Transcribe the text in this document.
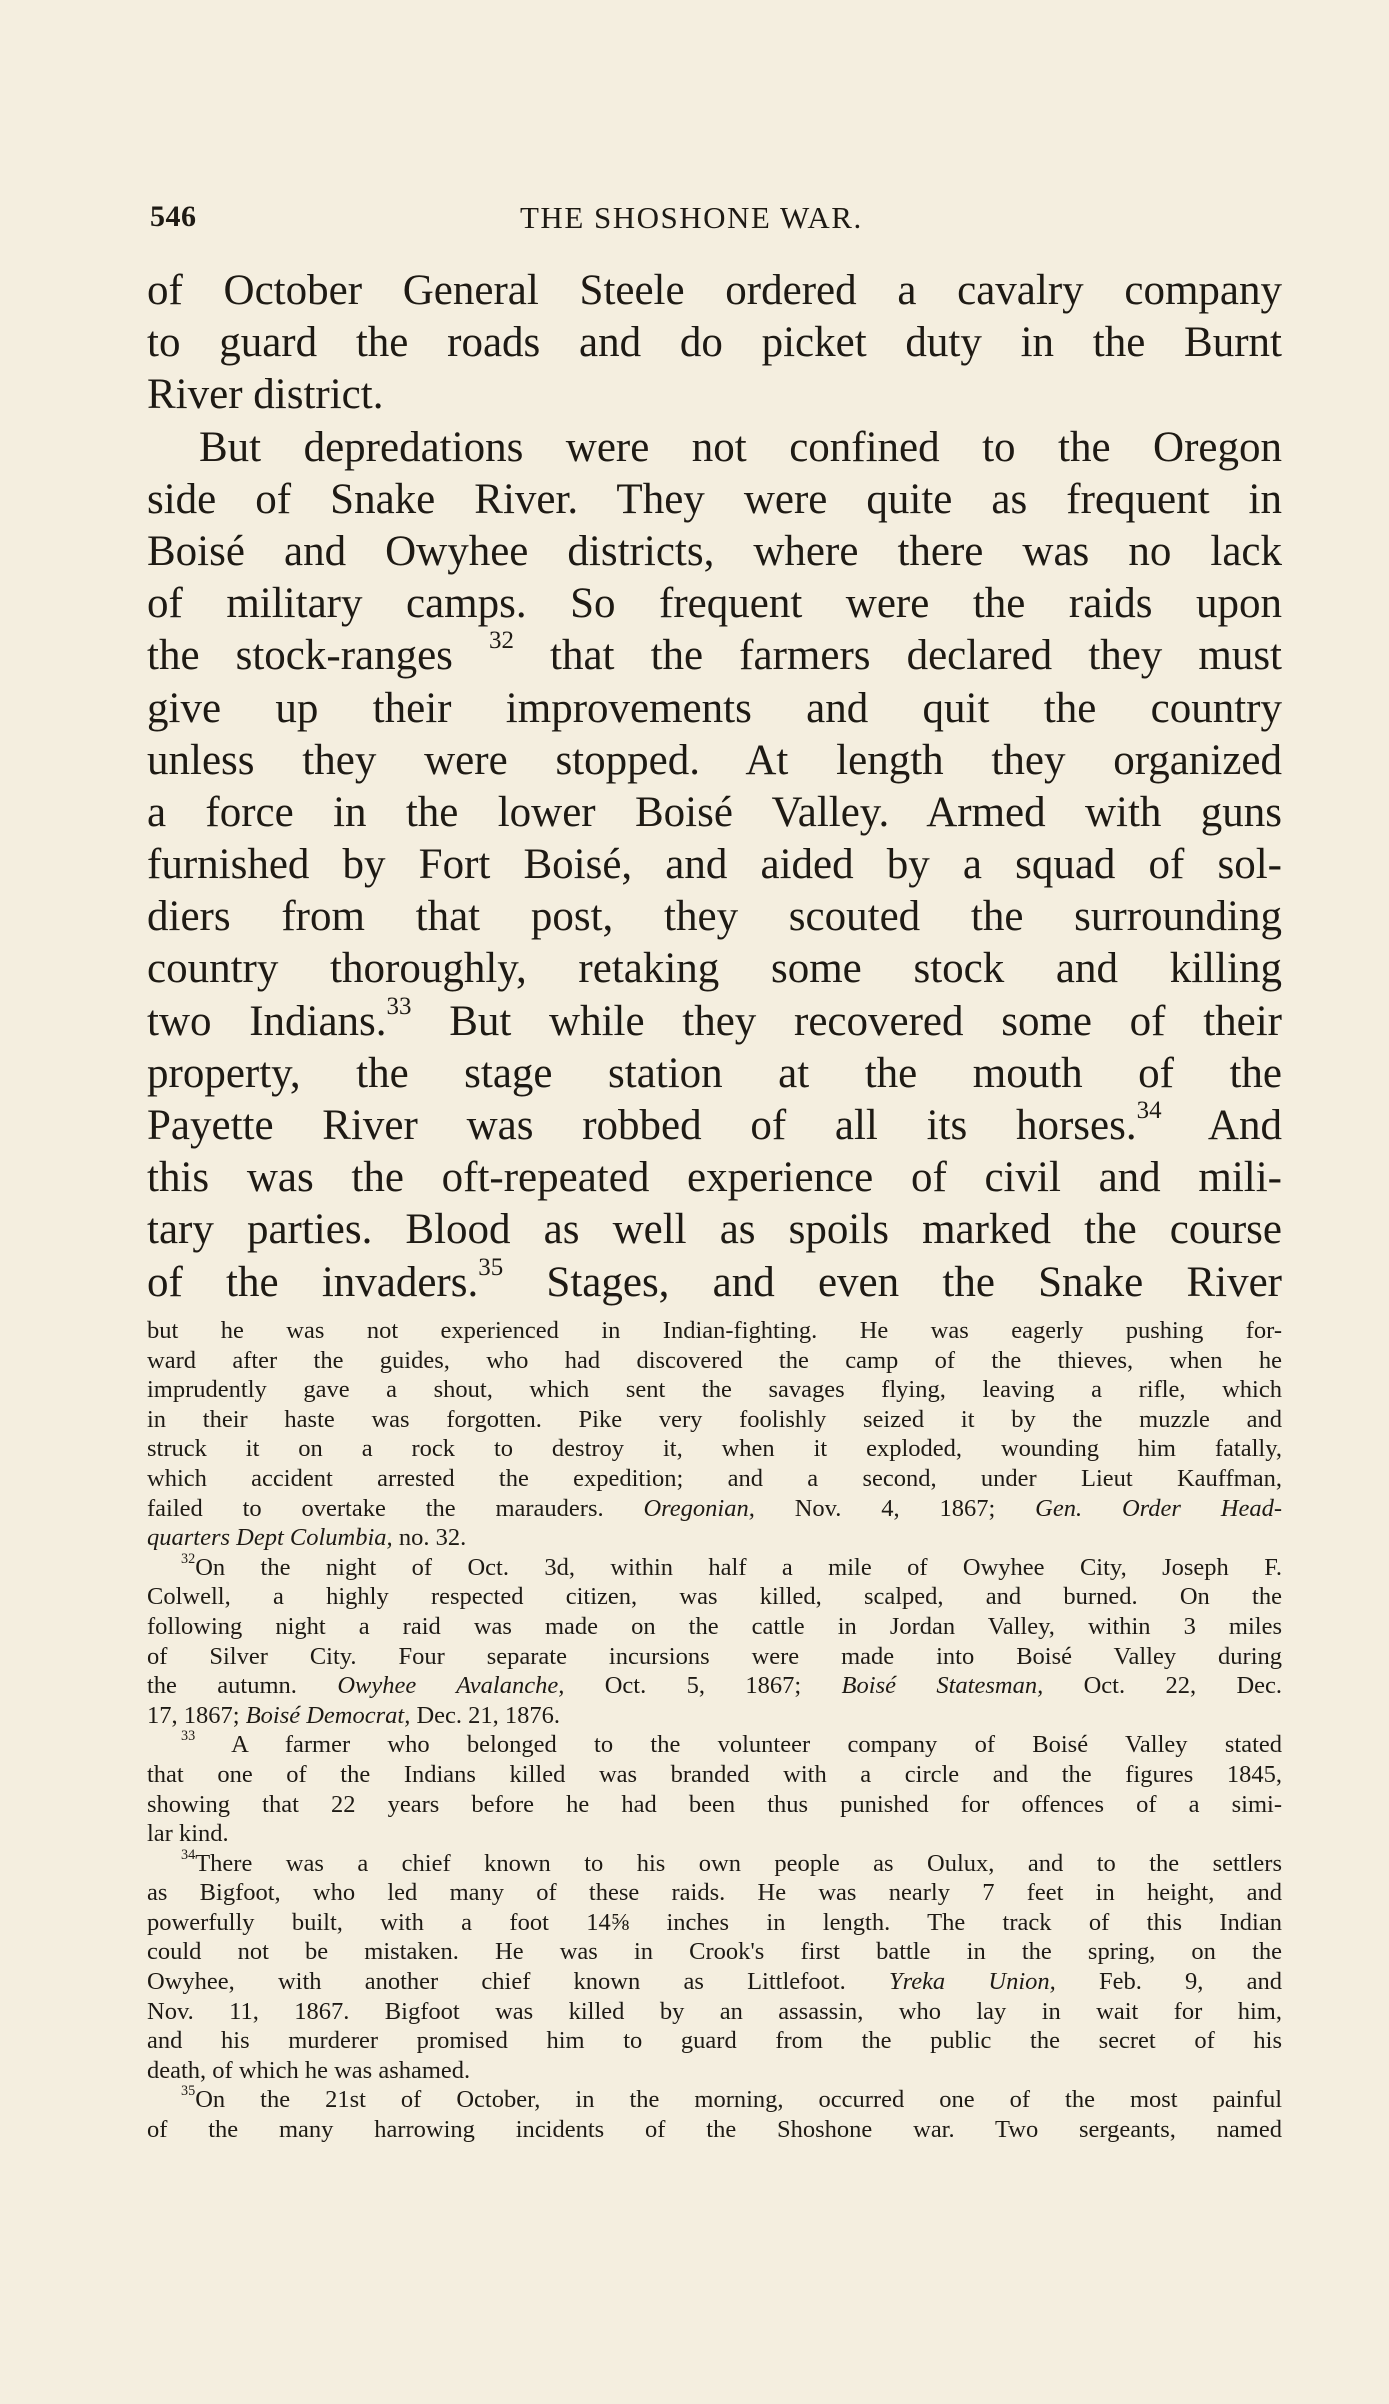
546	THE SHOSHONE WAR.
of October General Steele ordered a cavalry company
to guard the roads and do picket duty in the Burnt
River district.
But depredations were not confined to the Oregon
side of Snake River. They were quite as frequent in
Boisé and Owyhee districts, where there was no lack
of military camps. So frequent were the raids upon
the stock-ranges $^{32}$ that the farmers declared they must
give up their improvements and quit the country
unless they were stopped. At length they organized
a force in the lower Boisé Valley. Armed with guns
furnished by Fort Boisé, and aided by a squad of sol-
diers from that post, they scouted the surrounding
country thoroughly, retaking some stock and killing
two Indians.$^{33}$ But while they recovered some of their
property, the stage station at the mouth of the
Payette River was robbed of all its horses.$^{34}$ And
this was the oft-repeated experience of civil and mili-
tary parties. Blood as well as spoils marked the course
of the invaders.$^{35}$ Stages, and even the Snake River
but he was not experienced in Indian-fighting. He was eagerly pushing for-
ward after the guides, who had discovered the camp of the thieves, when he
imprudently gave a shout, which sent the savages flying, leaving a rifle, which
in their haste was forgotten. Pike very foolishly seized it by the muzzle and
struck it on a rock to destroy it, when it exploded, wounding him fatally,
which accident arrested the expedition; and a second, under Lieut Kauffman,
failed to overtake the marauders. Oregonian, Nov. 4, 1867; Gen. Order Head-
quarters Dept Columbia, no. 32.
$^{32}$On the night of Oct. 3d, within half a mile of Owyhee City, Joseph F.
Colwell, a highly respected citizen, was killed, scalped, and burned. On the
following night a raid was made on the cattle in Jordan Valley, within 3 miles
of Silver City. Four separate incursions were made into Boisé Valley during
the autumn. Owyhee Avalanche, Oct. 5, 1867; Boisé Statesman, Oct. 22, Dec.
17, 1867; Boisé Democrat, Dec. 21, 1876.
$^{33}$ A farmer who belonged to the volunteer company of Boisé Valley stated
that one of the Indians killed was branded with a circle and the figures 1845,
showing that 22 years before he had been thus punished for offences of a simi-
lar kind.
$^{34}$There was a chief known to his own people as Oulux, and to the settlers
as Bigfoot, who led many of these raids. He was nearly 7 feet in height, and
powerfully built, with a foot 14⅝ inches in length. The track of this Indian
could not be mistaken. He was in Crook's first battle in the spring, on the
Owyhee, with another chief known as Littlefoot. Yreka Union, Feb. 9, and
Nov. 11, 1867. Bigfoot was killed by an assassin, who lay in wait for him,
and his murderer promised him to guard from the public the secret of his
death, of which he was ashamed.
$^{35}$On the 21st of October, in the morning, occurred one of the most painful
of the many harrowing incidents of the Shoshone war. Two sergeants, named
